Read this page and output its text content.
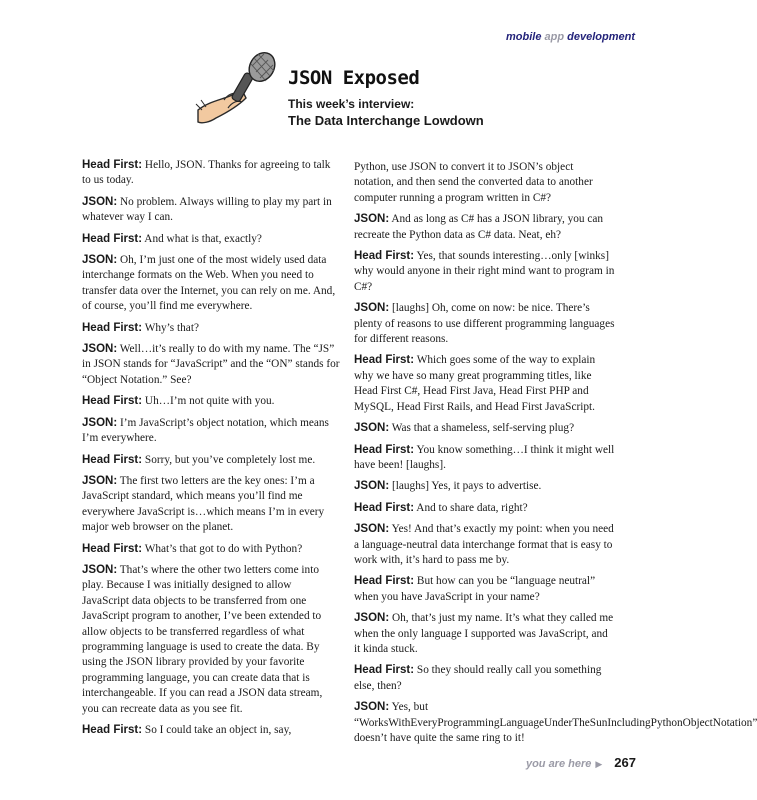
mobile app development
JSON Exposed
This week’s interview:
The Data Interchange Lowdown

Head First: Hello, JSON. Thanks for agreeing to talk to us today.

JSON: No problem. Always willing to play my part in whatever way I can.

Head First: And what is that, exactly?

JSON: Oh, I’m just one of the most widely used data interchange formats on the Web. When you need to transfer data over the Internet, you can rely on me. And, of course, you’ll find me everywhere.

Head First: Why’s that?

JSON: Well…it’s really to do with my name. The “JS” in JSON stands for “JavaScript” and the “ON” stands for “Object Notation.” See?

Head First: Uh…I’m not quite with you.

JSON: I’m JavaScript’s object notation, which means I’m everywhere.

Head First: Sorry, but you’ve completely lost me.

JSON: The first two letters are the key ones: I’m a JavaScript standard, which means you’ll find me everywhere JavaScript is…which means I’m in every major web browser on the planet.

Head First: What’s that got to do with Python?

JSON: That’s where the other two letters come into play. Because I was initially designed to allow JavaScript data objects to be transferred from one JavaScript program to another, I’ve been extended to allow objects to be transferred regardless of what programming language is used to create the data. By using the JSON library provided by your favorite programming language, you can create data that is interchangeable. If you can read a JSON data stream, you can recreate data as you see fit.

Head First: So I could take an object in, say,

Python, use JSON to convert it to JSON’s object notation, and then send the converted data to another computer running a program written in C#?

JSON: And as long as C# has a JSON library, you can recreate the Python data as C# data. Neat, eh?

Head First: Yes, that sounds interesting…only [winks] why would anyone in their right mind want to program in C#?

JSON: [laughs] Oh, come on now: be nice. There’s plenty of reasons to use different programming languages for different reasons.

Head First: Which goes some of the way to explain why we have so many great programming titles, like Head First C#, Head First Java, Head First PHP and MySQL, Head First Rails, and Head First JavaScript.

JSON: Was that a shameless, self-serving plug?

Head First: You know something…I think it might well have been! [laughs].

JSON: [laughs] Yes, it pays to advertise.

Head First: And to share data, right?

JSON: Yes! And that’s exactly my point: when you need a language-neutral data interchange format that is easy to work with, it’s hard to pass me by.

Head First: But how can you be “language neutral” when you have JavaScript in your name?

JSON: Oh, that’s just my name. It’s what they called me when the only language I supported was JavaScript, and it kinda stuck.

Head First: So they should really call you something else, then?

JSON: Yes, but “WorksWithEveryProgrammingLanguageUnderTheSunIncludingPythonObjectNotation” doesn’t have quite the same ring to it!

you are here ▶ 267
